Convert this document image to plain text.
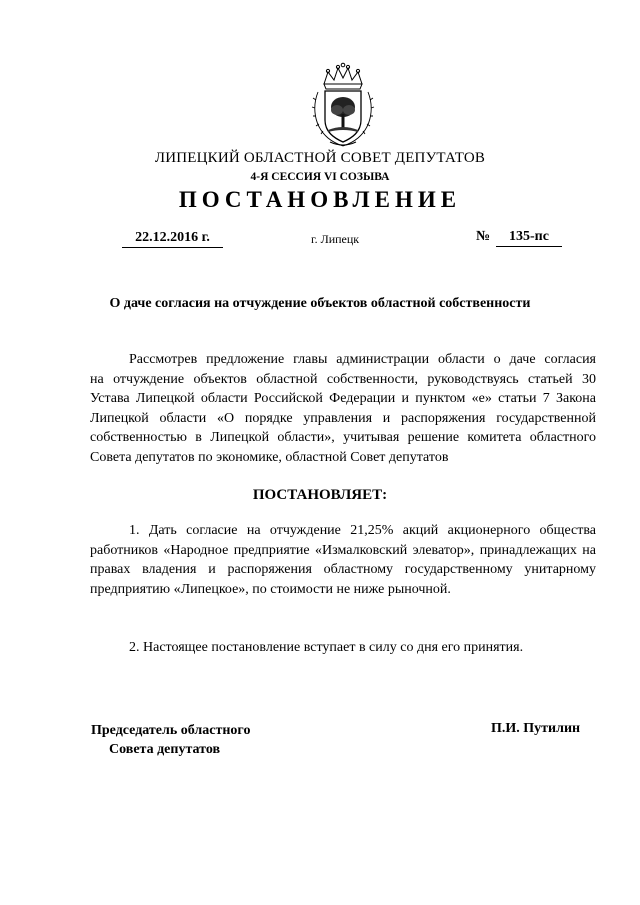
ЛИПЕЦКИЙ ОБЛАСТНОЙ СОВЕТ ДЕПУТАТОВ
4-Я СЕССИЯ VI СОЗЫВА
ПОСТАНОВЛЕНИЕ
22.12.2016 г.	г. Липецк	№	135-пс
О даче согласия на отчуждение объектов областной собственности
Рассмотрев предложение главы администрации области о даче согласия
на отчуждение объектов областной собственности, руководствуясь статьей 30 Устава Липецкой области Российской Федерации и пунктом «е» статьи 7 Закона Липецкой области «О порядке управления и распоряжения государственной собственностью в Липецкой области», учитывая решение комитета областного Совета депутатов по экономике, областной Совет депутатов
ПОСТАНОВЛЯЕТ:
1. Дать согласие на отчуждение 21,25% акций акционерного общества
работников «Народное предприятие «Измалковский элеватор», принадлежащих на правах владения и распоряжения областному государственному унитарному предприятию «Липецкое», по стоимости не ниже рыночной.
2. Настоящее постановление вступает в силу со дня его принятия.
Председатель областного
Совета депутатов
П.И. Путилин
